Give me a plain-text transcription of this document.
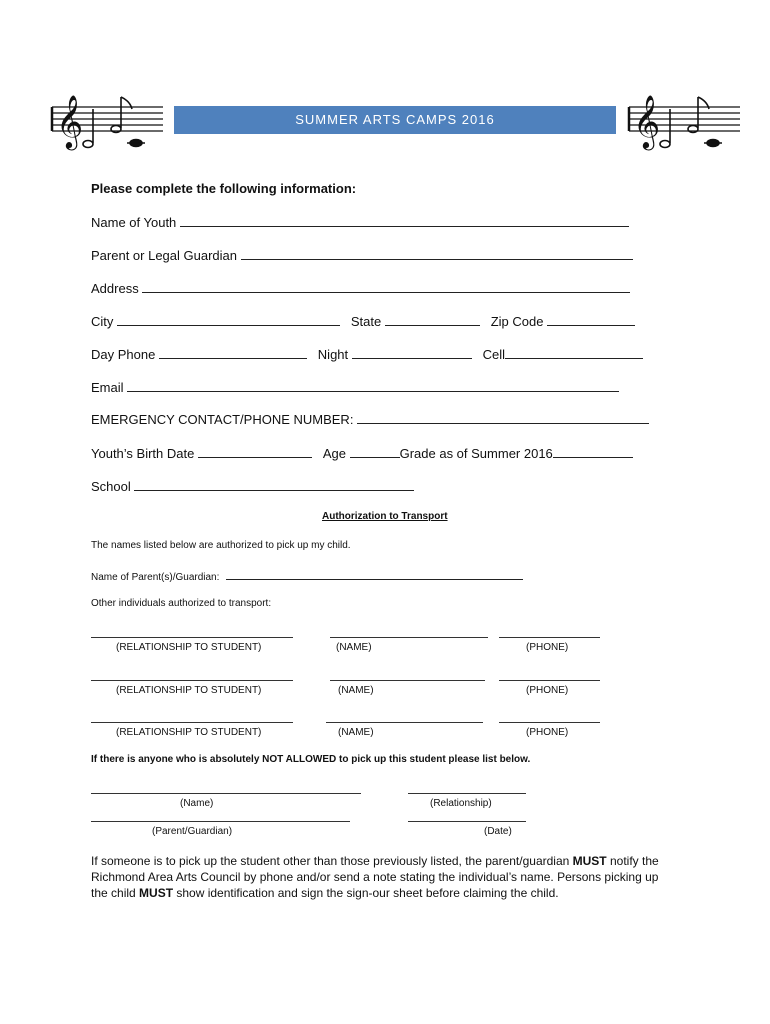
𝄞	SUMMER ARTS CAMPS 2016	𝄞
Please complete the following information:
Name of Youth
Parent or Legal Guardian
Address
City	State	Zip Code
Day Phone	Night	Cell
Email
EMERGENCY CONTACT/PHONE NUMBER:
Youth’s Birth Date	Age	Grade as of Summer 2016
School
Authorization to Transport
The names listed below are authorized to pick up my child.
Name of Parent(s)/Guardian:
Other individuals authorized to transport:
(RELATIONSHIP TO STUDENT)	(NAME)	(PHONE)
(RELATIONSHIP TO STUDENT)	(NAME)	(PHONE)
(RELATIONSHIP TO STUDENT)	(NAME)	(PHONE)
If there is anyone who is absolutely NOT ALLOWED to pick up this student please list below.
(Name)	(Relationship)
(Parent/Guardian)	(Date)
If someone is to pick up the student other than those previously listed, the parent/guardian MUST notify the Richmond Area Arts Council by phone and/or send a note stating the individual’s name. Persons picking up the child MUST show identification and sign the sign-our sheet before claiming the child.
